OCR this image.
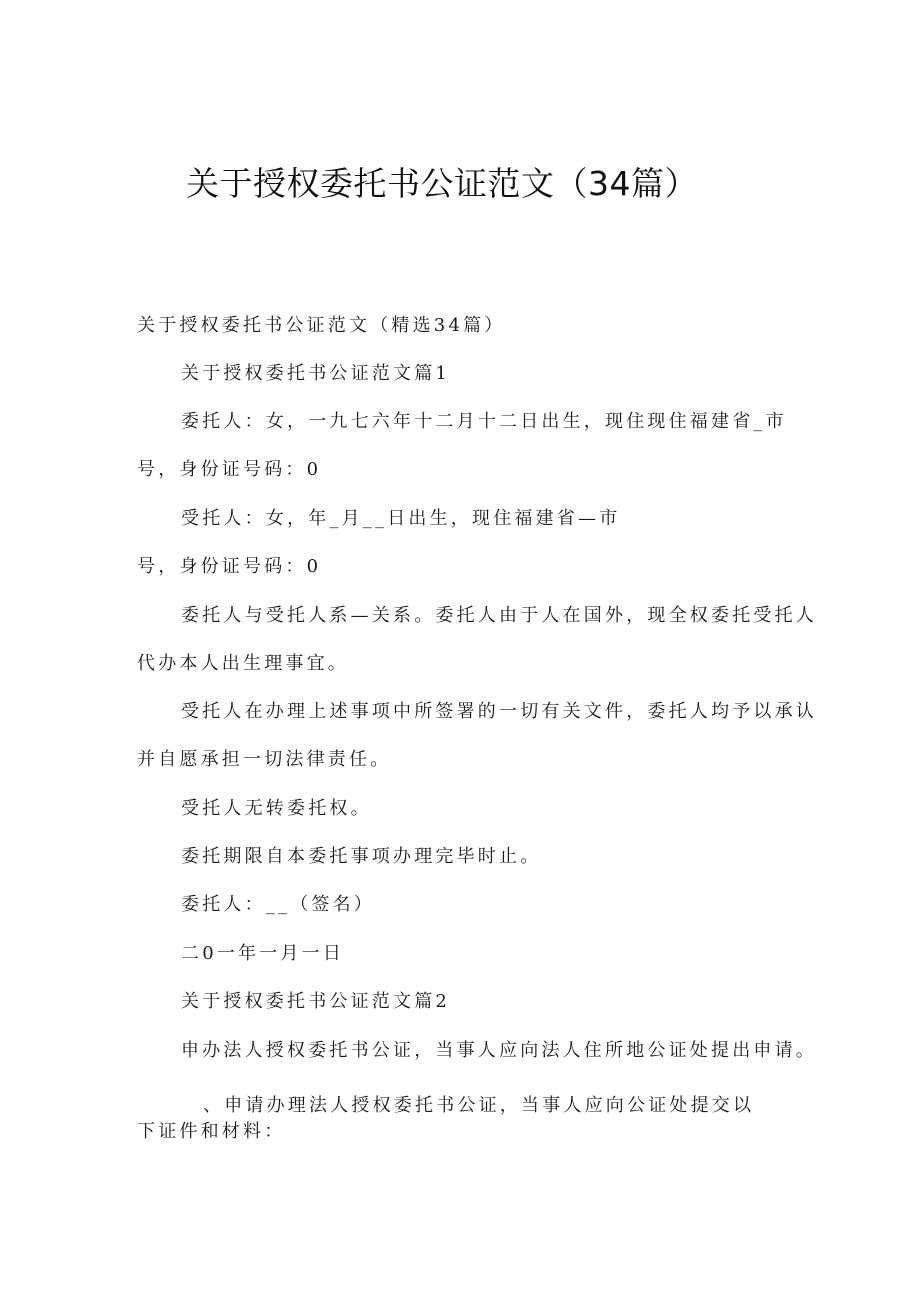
关于授权委托书公证范文（34篇）
关于授权委托书公证范文（精选34篇）
关于授权委托书公证范文篇1
委托人：女，一九七六年十二月十二日出生，现住现住福建省_市
号，身份证号码：0
受托人：女，年_月__日出生，现住福建省—市
号，身份证号码：0
委托人与受托人系—关系。委托人由于人在国外，现全权委托受托人
代办本人出生理事宜。
受托人在办理上述事项中所签署的一切有关文件，委托人均予以承认
并自愿承担一切法律责任。
受托人无转委托权。
委托期限自本委托事项办理完毕时止。
委托人：__（签名）
二0一年一月一日
关于授权委托书公证范文篇2
申办法人授权委托书公证，当事人应向法人住所地公证处提出申请。
、申请办理法人授权委托书公证，当事人应向公证处提交以
下证件和材料：
